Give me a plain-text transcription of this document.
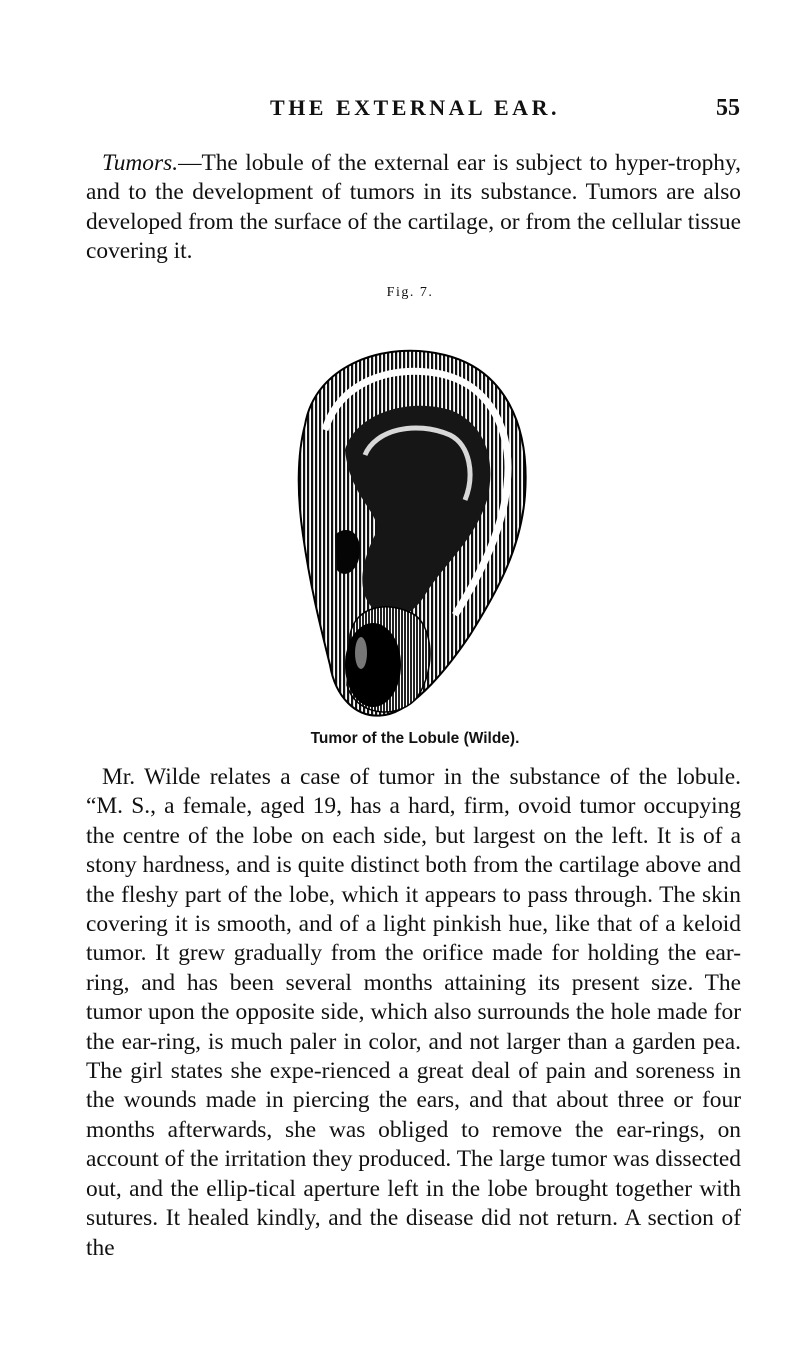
THE EXTERNAL EAR.	55

Tumors.—The lobule of the external ear is subject to hyper-trophy, and to the development of tumors in its substance. Tumors are also developed from the surface of the cartilage, or from the cellular tissue covering it.

Fig. 7.
Tumor of the Lobule (Wilde).

Mr. Wilde relates a case of tumor in the substance of the lobule. “M. S., a female, aged 19, has a hard, firm, ovoid tumor occupying the centre of the lobe on each side, but largest on the left. It is of a stony hardness, and is quite distinct both from the cartilage above and the fleshy part of the lobe, which it appears to pass through. The skin covering it is smooth, and of a light pinkish hue, like that of a keloid tumor. It grew gradually from the orifice made for holding the ear-ring, and has been several months attaining its present size. The tumor upon the opposite side, which also surrounds the hole made for the ear-ring, is much paler in color, and not larger than a garden pea. The girl states she expe-rienced a great deal of pain and soreness in the wounds made in piercing the ears, and that about three or four months afterwards, she was obliged to remove the ear-rings, on account of the irritation they produced. The large tumor was dissected out, and the ellip-tical aperture left in the lobe brought together with sutures. It healed kindly, and the disease did not return. A section of the
